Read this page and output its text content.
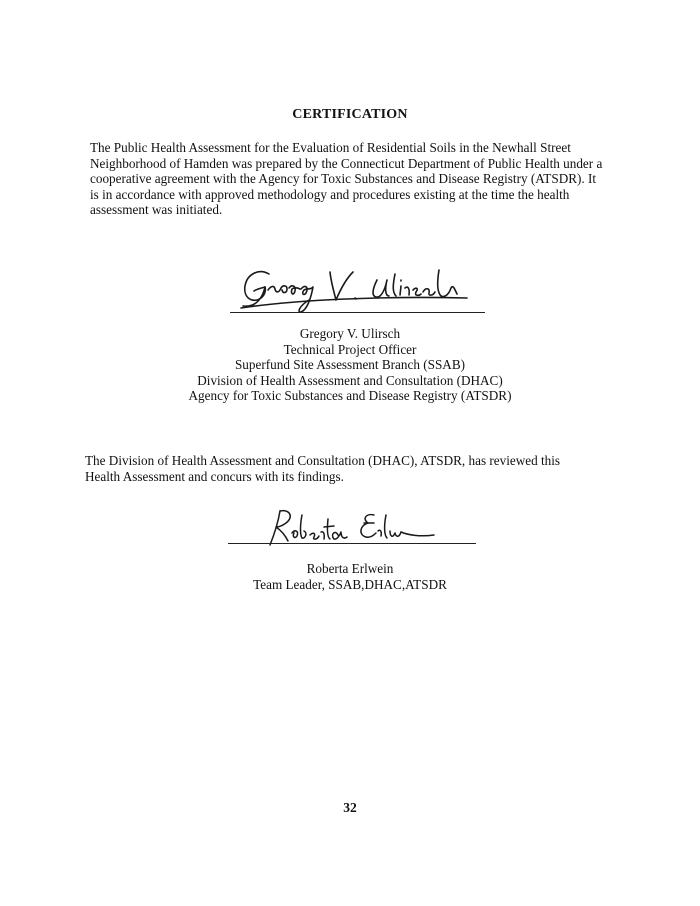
CERTIFICATION

The Public Health Assessment for the Evaluation of Residential Soils in the Newhall Street
Neighborhood of Hamden was prepared by the Connecticut Department of Public Health under a
cooperative agreement with the Agency for Toxic Substances and Disease Registry (ATSDR). It
is in accordance with approved methodology and procedures existing at the time the health
assessment was initiated.

Gregory V. Ulirsch
Technical Project Officer
Superfund Site Assessment Branch (SSAB)
Division of Health Assessment and Consultation (DHAC)
Agency for Toxic Substances and Disease Registry (ATSDR)

The Division of Health Assessment and Consultation (DHAC), ATSDR, has reviewed this
Health Assessment and concurs with its findings.

Roberta Erlwein
Team Leader, SSAB,DHAC,ATSDR

32
